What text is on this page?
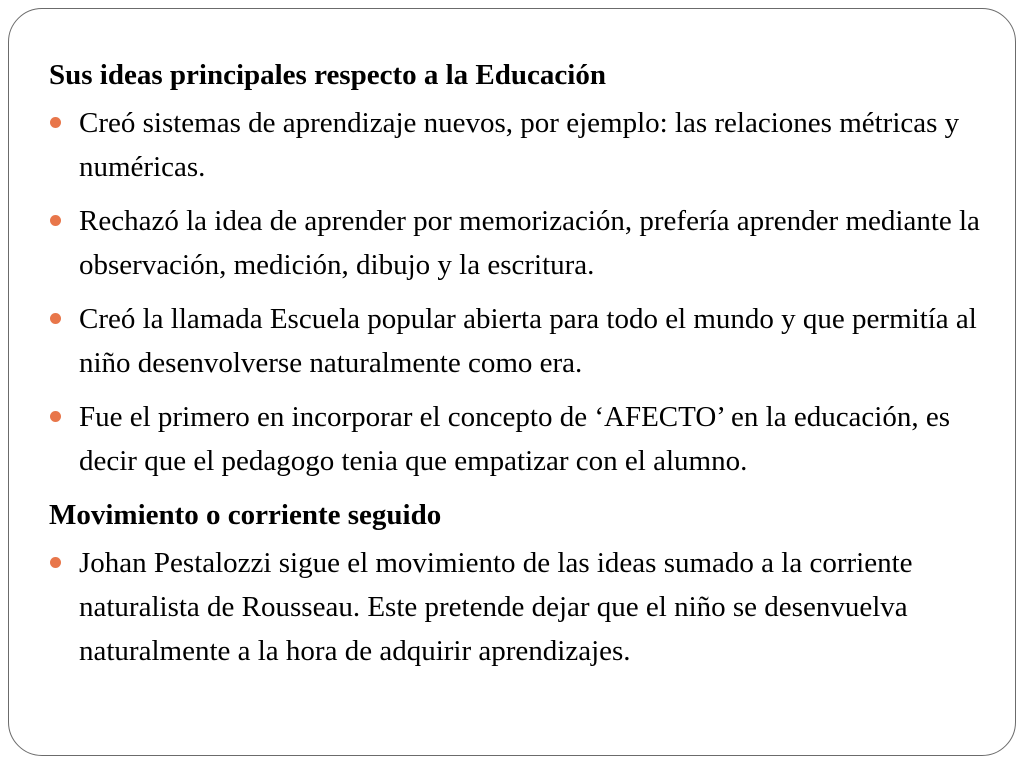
Sus ideas principales respecto a la Educación
Creó sistemas de aprendizaje nuevos, por ejemplo: las relaciones métricas y numéricas.
Rechazó la idea de aprender por memorización, prefería aprender mediante la observación, medición, dibujo y la escritura.
Creó la llamada Escuela popular abierta para todo el mundo y que permitía al niño desenvolverse naturalmente como era.
Fue el primero en incorporar el concepto de ‘AFECTO’ en la educación, es decir que el pedagogo tenia que empatizar con el alumno.
Movimiento o corriente seguido
Johan Pestalozzi sigue el movimiento de las ideas sumado a la corriente naturalista de Rousseau. Este pretende dejar que el niño se desenvuelva naturalmente a la hora de adquirir aprendizajes.
